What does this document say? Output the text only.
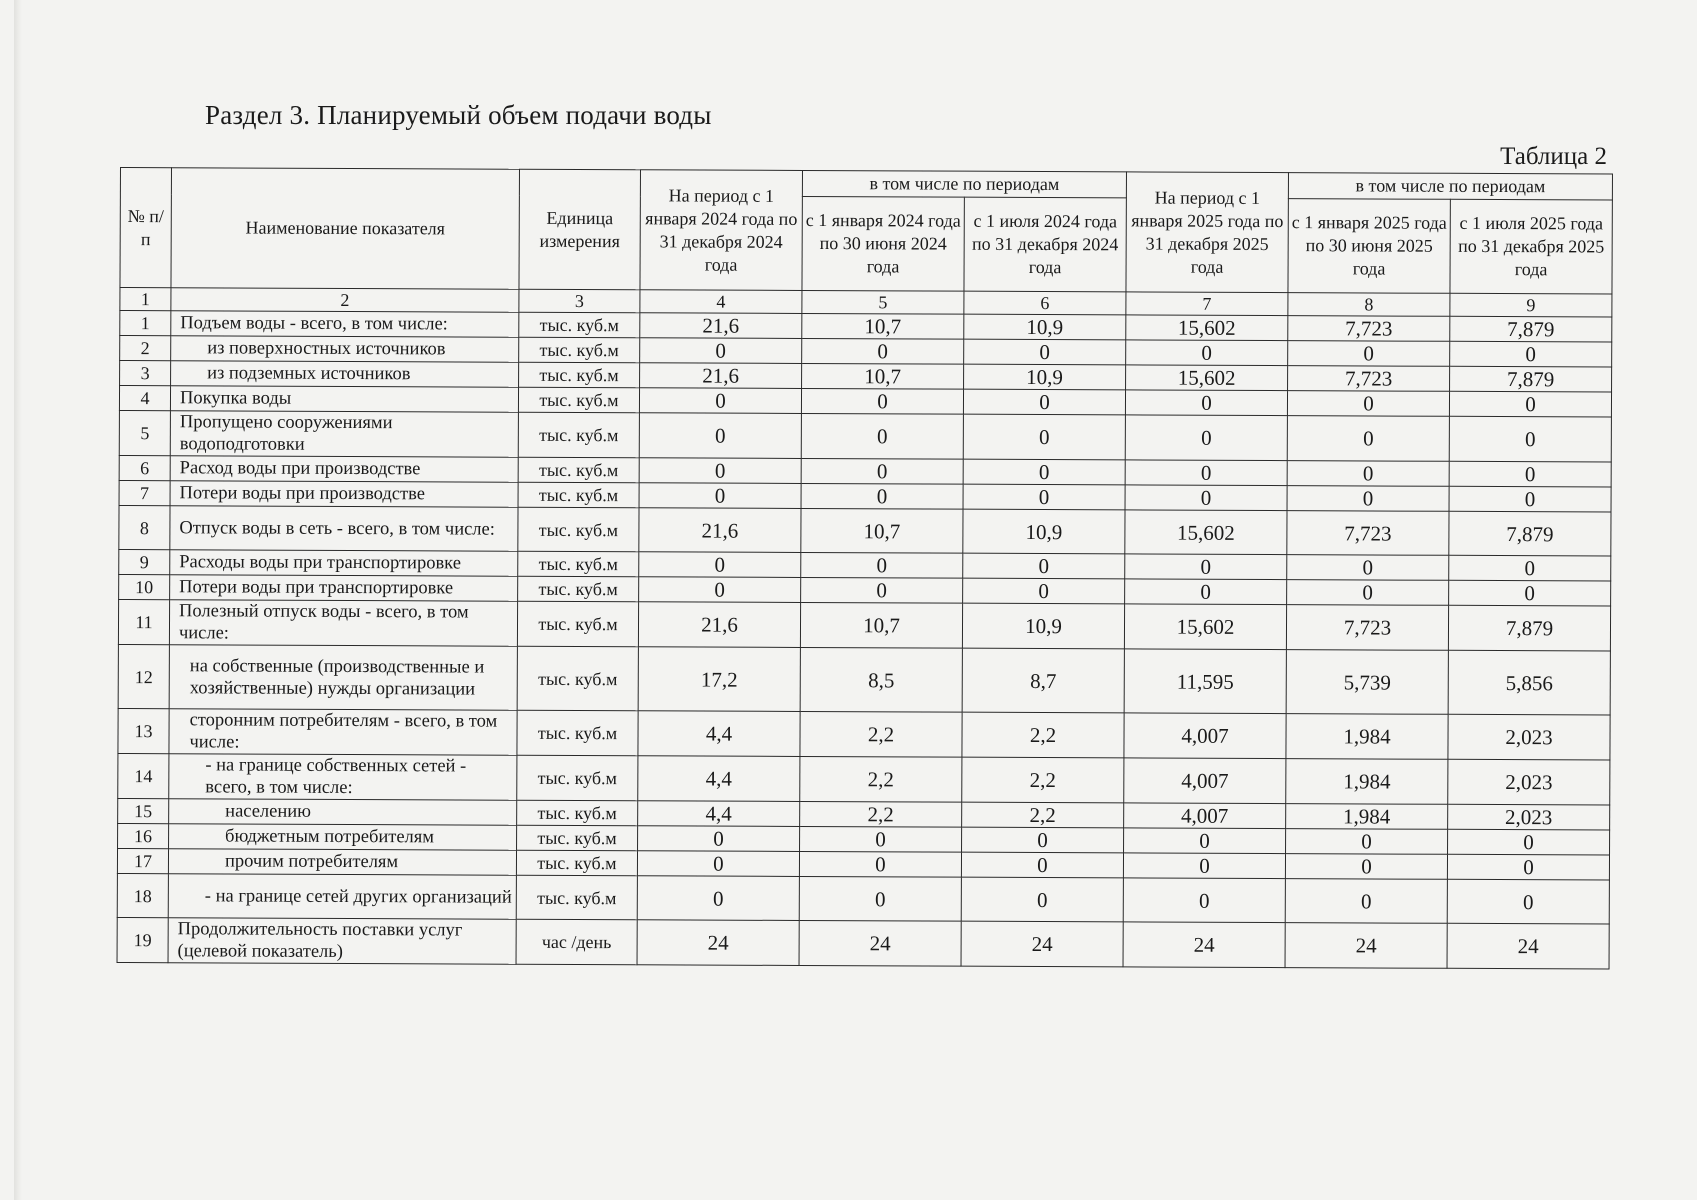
Раздел 3. Планируемый объем подачи воды
Таблица 2
№ п/п	Наименование показателя	Единица измерения	На период с 1 января 2024 года по 31 декабря 2024 года	в том числе по периодам		На период с 1 января 2025 года по 31 декабря 2025 года	в том числе по периодам	
				с 1 января 2024 года по 30 июня 2024 года	с 1 июля 2024 года по 31 декабря 2024 года		с 1 января 2025 года по 30 июня 2025 года	с 1 июля 2025 года по 31 декабря 2025 года
1	2	3	4	5	6	7	8	9
1	Подъем воды - всего, в том числе:	тыс. куб.м	21,6	10,7	10,9	15,602	7,723	7,879
2	из поверхностных источников	тыс. куб.м	0	0	0	0	0	0
3	из подземных источников	тыс. куб.м	21,6	10,7	10,9	15,602	7,723	7,879
4	Покупка воды	тыс. куб.м	0	0	0	0	0	0
5	Пропущено сооружениями водоподготовки	тыс. куб.м	0	0	0	0	0	0
6	Расход воды при производстве	тыс. куб.м	0	0	0	0	0	0
7	Потери воды при производстве	тыс. куб.м	0	0	0	0	0	0
8	Отпуск воды в сеть - всего, в том числе:	тыс. куб.м	21,6	10,7	10,9	15,602	7,723	7,879
9	Расходы воды при транспортировке	тыс. куб.м	0	0	0	0	0	0
10	Потери воды при транспортировке	тыс. куб.м	0	0	0	0	0	0
11	Полезный отпуск воды - всего, в том числе:	тыс. куб.м	21,6	10,7	10,9	15,602	7,723	7,879
12	на собственные (производственные и хозяйственные) нужды организации	тыс. куб.м	17,2	8,5	8,7	11,595	5,739	5,856
13	сторонним потребителям - всего, в том числе:	тыс. куб.м	4,4	2,2	2,2	4,007	1,984	2,023
14	- на границе собственных сетей - всего, в том числе:	тыс. куб.м	4,4	2,2	2,2	4,007	1,984	2,023
15	населению	тыс. куб.м	4,4	2,2	2,2	4,007	1,984	2,023
16	бюджетным потребителям	тыс. куб.м	0	0	0	0	0	0
17	прочим потребителям	тыс. куб.м	0	0	0	0	0	0
18	- на границе сетей других организаций	тыс. куб.м	0	0	0	0	0	0
19	Продолжительность поставки услуг (целевой показатель)	час /день	24	24	24	24	24	24
